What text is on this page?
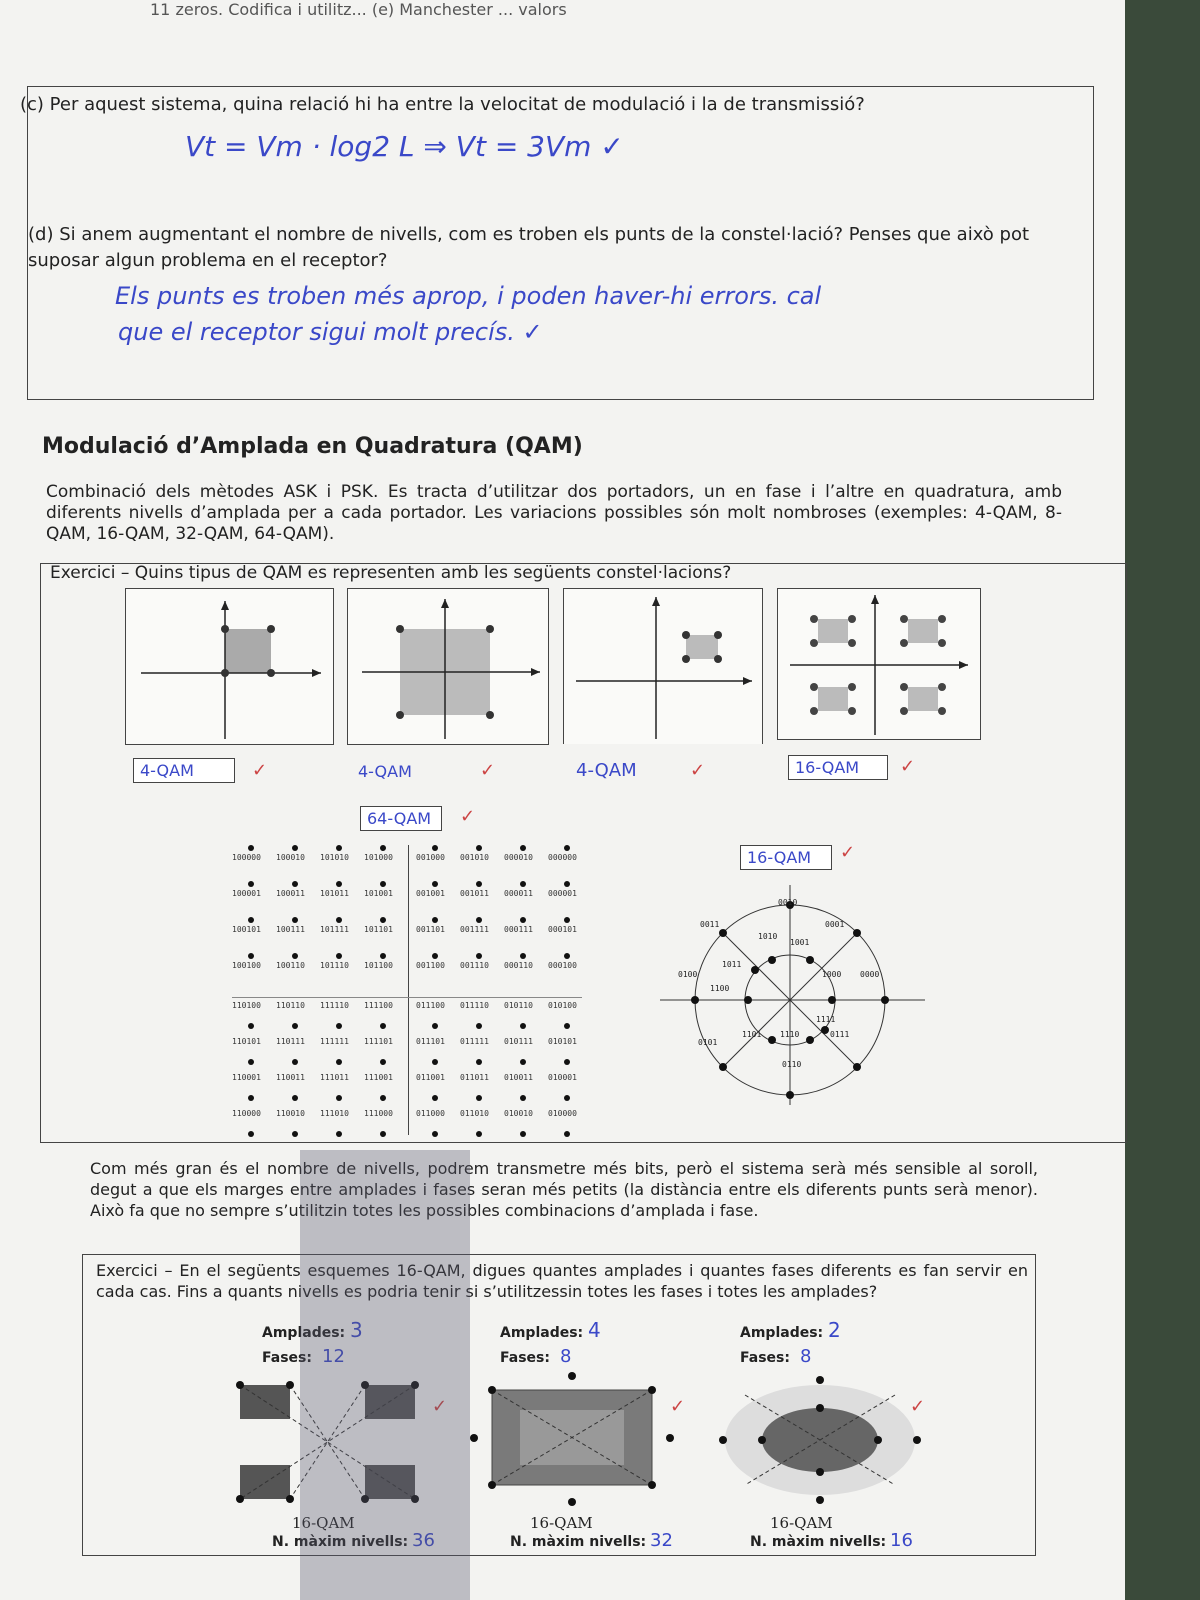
11 zeros. Codifica i utilitz... (e) Manchester ... valors
(c) Per aquest sistema, quina relació hi ha entre la velocitat de modulació i la de transmissió?
Vt = Vm · log2 L ⇒ Vt = 3Vm ✓
(d) Si anem augmentant el nombre de nivells, com es troben els punts de la constel·lació? Penses que això pot suposar algun problema en el receptor?
Els punts es troben més aprop, i poden haver-hi errors. cal
que el receptor sigui molt precís. ✓
Modulació d’Amplada en Quadratura (QAM)
Combinació dels mètodes ASK i PSK. Es tracta d’utilitzar dos portadors, un en fase i l’altre en quadratura, amb diferents nivells d’amplada per a cada portador. Les variacions possibles són molt nombroses (exemples: 4-QAM, 8-QAM, 16-QAM, 32-QAM, 64-QAM).
Exercici – Quins tipus de QAM es representen amb les següents constel·lacions?
4-QAM	✓	4-QAM	✓	4-QAM	✓	16-QAM	✓
64-QAM	✓
100000 100010 101010 101000	001000 001010 000010 000000
100001 100011 101011 101001	001001 001011 000011 000001
100101 100111 101111 101101	001101 001111 000111 000101
100100 100110 101110 101100	001100 001110 000110 000100
110100 110110 111110 111100	011100 011110 010110 010100
110101 110111 111111 111101	011101 011111 010111 010101
110001 110011 111011 111001	011001 011011 010011 010001
110000 110010 111010 111000	011000 011010 010010 010000
16-QAM	✓
0010
0011	0001
1010
1001
1011
0100	1000 0000
1100
1111
1101 1110
0101
0111
0110
Com més gran és el nombre de nivells, podrem transmetre més bits, però el sistema serà més sensible al soroll, degut a que els marges entre amplades i fases seran més petits (la distància entre els diferents punts serà menor). Això fa que no sempre s’utilitzin totes les possibles combinacions d’amplada i fase.
Exercici – En el següents esquemes 16-QAM, digues quantes amplades i quantes fases diferents es fan servir en cada cas. Fins a quants nivells es podria tenir si s’utilitzessin totes les fases i totes les amplades?
Amplades: 3
Fases: 12
✓
16-QAM
N. màxim nivells: 36
Amplades: 4
Fases: 8
✓
16-QAM
N. màxim nivells: 32
Amplades: 2
Fases: 8
✓
16-QAM
N. màxim nivells: 16
